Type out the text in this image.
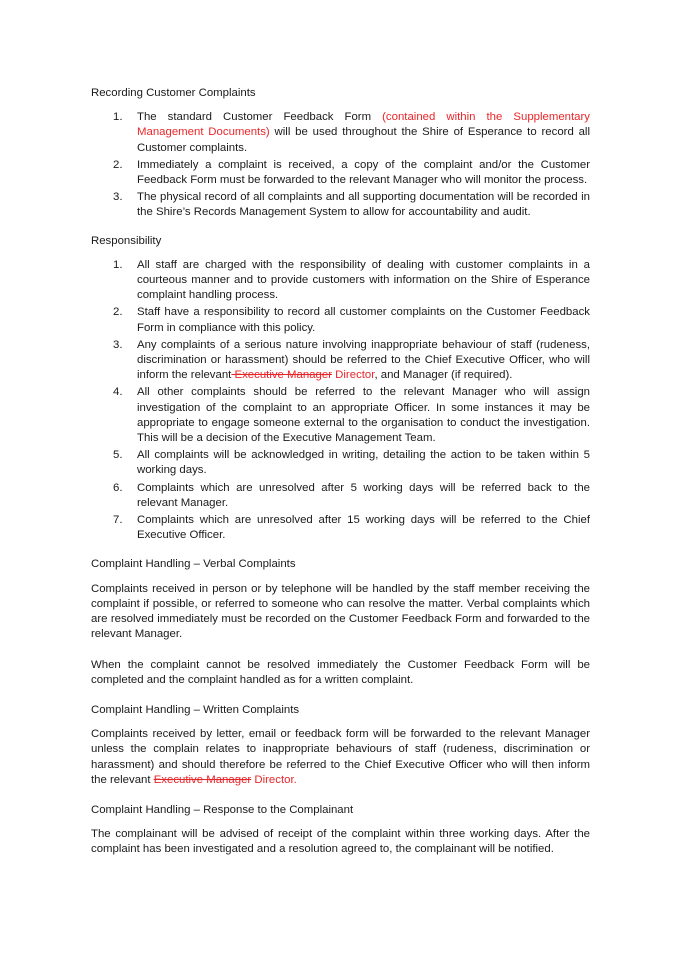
Recording Customer Complaints
1. The standard Customer Feedback Form (contained within the Supplementary Management Documents) will be used throughout the Shire of Esperance to record all Customer complaints.
2. Immediately a complaint is received, a copy of the complaint and/or the Customer Feedback Form must be forwarded to the relevant Manager who will monitor the process.
3. The physical record of all complaints and all supporting documentation will be recorded in the Shire’s Records Management System to allow for accountability and audit.
Responsibility
1. All staff are charged with the responsibility of dealing with customer complaints in a courteous manner and to provide customers with information on the Shire of Esperance complaint handling process.
2. Staff have a responsibility to record all customer complaints on the Customer Feedback Form in compliance with this policy.
3. Any complaints of a serious nature involving inappropriate behaviour of staff (rudeness, discrimination or harassment) should be referred to the Chief Executive Officer, who will inform the relevant Executive Manager Director, and Manager (if required).
4. All other complaints should be referred to the relevant Manager who will assign investigation of the complaint to an appropriate Officer. In some instances it may be appropriate to engage someone external to the organisation to conduct the investigation. This will be a decision of the Executive Management Team.
5. All complaints will be acknowledged in writing, detailing the action to be taken within 5 working days.
6. Complaints which are unresolved after 5 working days will be referred back to the relevant Manager.
7. Complaints which are unresolved after 15 working days will be referred to the Chief Executive Officer.
Complaint Handling – Verbal Complaints

Complaints received in person or by telephone will be handled by the staff member receiving the complaint if possible, or referred to someone who can resolve the matter. Verbal complaints which are resolved immediately must be recorded on the Customer Feedback Form and forwarded to the relevant Manager.

When the complaint cannot be resolved immediately the Customer Feedback Form will be completed and the complaint handled as for a written complaint.

Complaint Handling – Written Complaints

Complaints received by letter, email or feedback form will be forwarded to the relevant Manager unless the complain relates to inappropriate behaviours of staff (rudeness, discrimination or harassment) and should therefore be referred to the Chief Executive Officer who will then inform the relevant Executive Manager Director.

Complaint Handling – Response to the Complainant

The complainant will be advised of receipt of the complaint within three working days. After the complaint has been investigated and a resolution agreed to, the complainant will be notified.
